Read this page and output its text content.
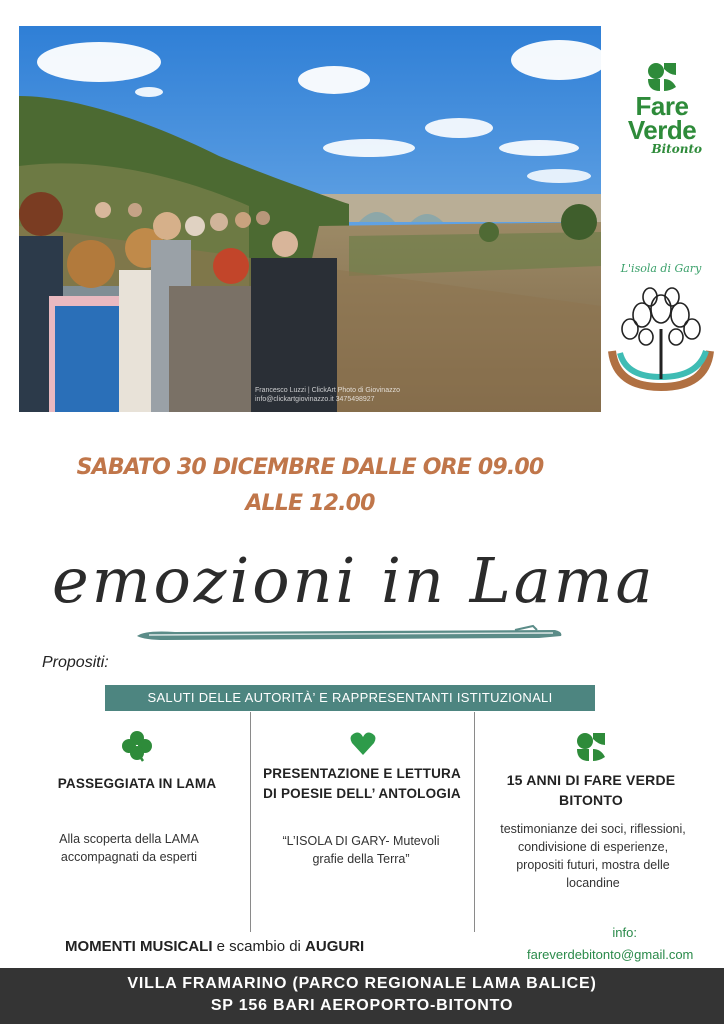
Francesco Luzzi | ClickArt Photo di Giovinazzo info@clickartgiovinazzo.it 3475498927
Fare Verde
Bitonto
L'isola di Gary
SABATO 30 DICEMBRE DALLE ORE 09.00
ALLE 12.00
emozioni in Lama
Propositi:
SALUTI DELLE AUTORITÀ’ E RAPPRESENTANTI ISTITUZIONALI
PASSEGGIATA IN LAMA
Alla scoperta della LAMA accompagnati da esperti
PRESENTAZIONE E LETTURA DI POESIE DELL’ ANTOLOGIA
“L’ISOLA DI GARY- Mutevoli grafie della Terra”
15 ANNI DI FARE VERDE BITONTO
testimonianze dei soci, riflessioni, condivisione di esperienze, propositi futuri, mostra delle locandine
MOMENTI MUSICALI e scambio di AUGURI
info:
fareverdebitonto@gmail.com
VILLA FRAMARINO (PARCO REGIONALE LAMA BALICE)
SP 156 BARI AEROPORTO-BITONTO
